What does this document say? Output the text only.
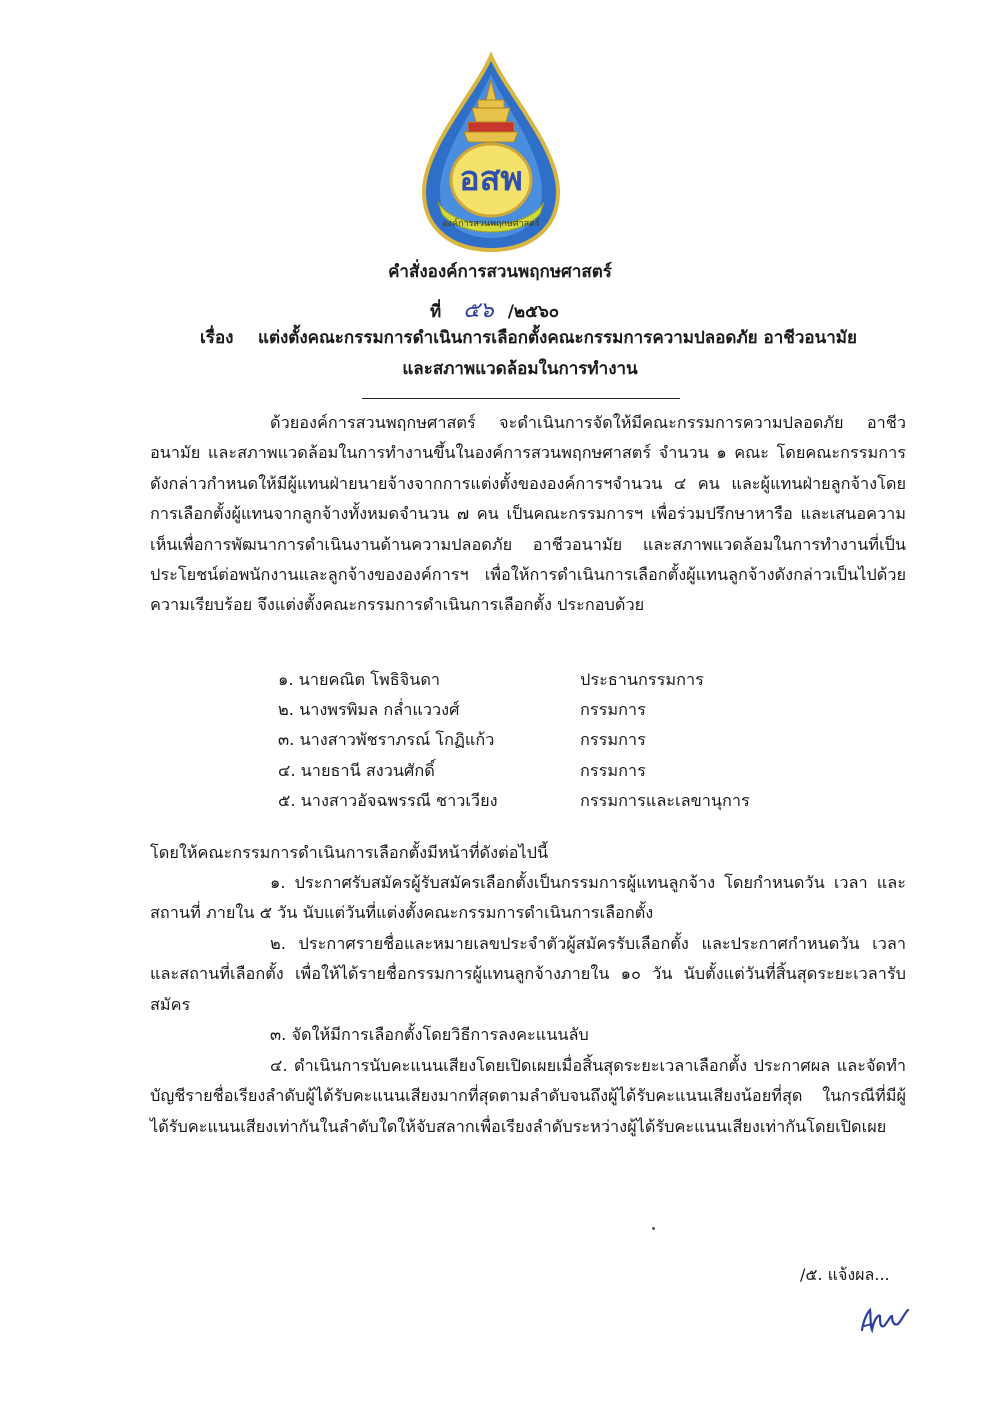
อสพ
องค์การสวนพฤกษศาสตร์
คำสั่งองค์การสวนพฤกษศาสตร์
ที่ ๕๖ /๒๕๖๐
เรื่อง แต่งตั้งคณะกรรมการดำเนินการเลือกตั้งคณะกรรมการความปลอดภัย อาชีวอนามัย
และสภาพแวดล้อมในการทำงาน
ด้วยองค์การสวนพฤกษศาสตร์ จะดำเนินการจัดให้มีคณะกรรมการความปลอดภัย อาชีวอนามัย และสภาพแวดล้อมในการทำงานขึ้นในองค์การสวนพฤกษศาสตร์ จำนวน ๑ คณะ โดยคณะกรรมการดังกล่าวกำหนดให้มีผู้แทนฝ่ายนายจ้างจากการแต่งตั้งขององค์การฯจำนวน ๔ คน และผู้แทนฝ่ายลูกจ้างโดยการเลือกตั้งผู้แทนจากลูกจ้างทั้งหมดจำนวน ๗ คน เป็นคณะกรรมการฯ เพื่อร่วมปรึกษาหารือ และเสนอความเห็นเพื่อการพัฒนาการดำเนินงานด้านความปลอดภัย อาชีวอนามัย และสภาพแวดล้อมในการทำงานที่เป็นประโยชน์ต่อพนักงานและลูกจ้างขององค์การฯ เพื่อให้การดำเนินการเลือกตั้งผู้แทนลูกจ้างดังกล่าวเป็นไปด้วยความเรียบร้อย จึงแต่งตั้งคณะกรรมการดำเนินการเลือกตั้ง ประกอบด้วย
๑. นายคณิต โพธิจินดา	ประธานกรรมการ
๒. นางพรพิมล กล่ำแววงศ์	กรรมการ
๓. นางสาวพัชราภรณ์ โกฏิแก้ว	กรรมการ
๔. นายธานี สงวนศักดิ์	กรรมการ
๕. นางสาวอัจฉพรรณี ชาวเวียง	กรรมการและเลขานุการ
โดยให้คณะกรรมการดำเนินการเลือกตั้งมีหน้าที่ดังต่อไปนี้
๑. ประกาศรับสมัครผู้รับสมัครเลือกตั้งเป็นกรรมการผู้แทนลูกจ้าง โดยกำหนดวัน เวลา และสถานที่ ภายใน ๕ วัน นับแต่วันที่แต่งตั้งคณะกรรมการดำเนินการเลือกตั้ง
๒. ประกาศรายชื่อและหมายเลขประจำตัวผู้สมัครรับเลือกตั้ง และประกาศกำหนดวัน เวลา และสถานที่เลือกตั้ง เพื่อให้ได้รายชื่อกรรมการผู้แทนลูกจ้างภายใน ๑๐ วัน นับตั้งแต่วันที่สิ้นสุดระยะเวลารับสมัคร
๓. จัดให้มีการเลือกตั้งโดยวิธีการลงคะแนนลับ
๔. ดำเนินการนับคะแนนเสียงโดยเปิดเผยเมื่อสิ้นสุดระยะเวลาเลือกตั้ง ประกาศผล และจัดทำบัญชีรายชื่อเรียงลำดับผู้ได้รับคะแนนเสียงมากที่สุดตามลำดับจนถึงผู้ได้รับคะแนนเสียงน้อยที่สุด ในกรณีที่มีผู้ได้รับคะแนนเสียงเท่ากันในลำดับใดให้จับสลากเพื่อเรียงลำดับระหว่างผู้ได้รับคะแนนเสียงเท่ากันโดยเปิดเผย
/๕. แจ้งผล...
